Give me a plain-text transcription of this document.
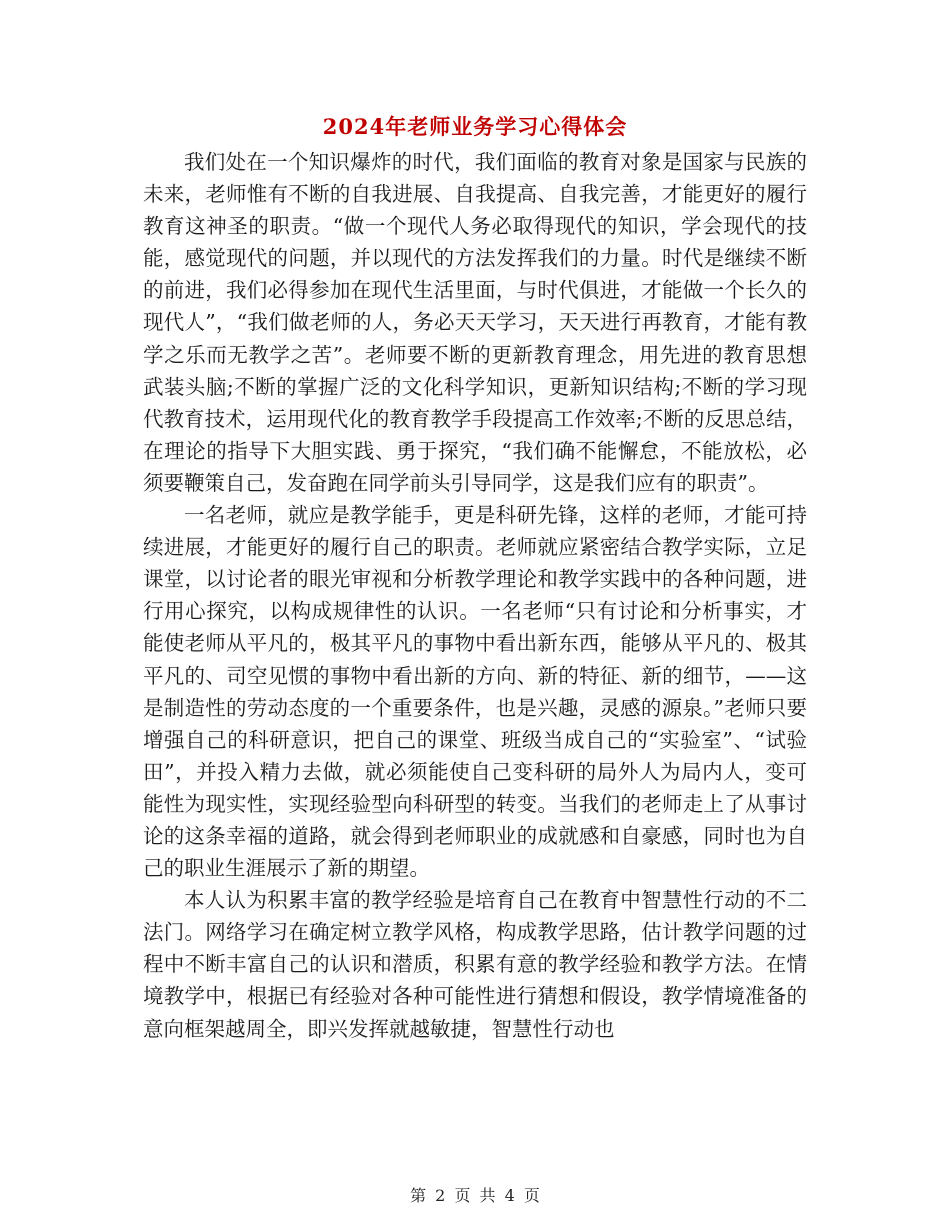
2024年老师业务学习心得体会

我们处在一个知识爆炸的时代，我们面临的教育对象是国家与民族的未来，老师惟有不断的自我进展、自我提高、自我完善，才能更好的履行教育这神圣的职责。“做一个现代人务必取得现代的知识，学会现代的技能，感觉现代的问题，并以现代的方法发挥我们的力量。时代是继续不断的前进，我们必得参加在现代生活里面，与时代俱进，才能做一个长久的现代人”，“我们做老师的人，务必天天学习，天天进行再教育，才能有教学之乐而无教学之苦”。老师要不断的更新教育理念，用先进的教育思想武装头脑;不断的掌握广泛的文化科学知识，更新知识结构;不断的学习现代教育技术，运用现代化的教育教学手段提高工作效率;不断的反思总结，在理论的指导下大胆实践、勇于探究，“我们确不能懈怠，不能放松，必须要鞭策自己，发奋跑在同学前头引导同学，这是我们应有的职责”。

一名老师，就应是教学能手，更是科研先锋，这样的老师，才能可持续进展，才能更好的履行自己的职责。老师就应紧密结合教学实际，立足课堂，以讨论者的眼光审视和分析教学理论和教学实践中的各种问题，进行用心探究，以构成规律性的认识。一名老师“只有讨论和分析事实，才能使老师从平凡的，极其平凡的事物中看出新东西，能够从平凡的、极其平凡的、司空见惯的事物中看出新的方向、新的特征、新的细节，——这是制造性的劳动态度的一个重要条件，也是兴趣，灵感的源泉。”老师只要增强自己的科研意识，把自己的课堂、班级当成自己的“实验室”、“试验田”，并投入精力去做，就必须能使自己变科研的局外人为局内人，变可能性为现实性，实现经验型向科研型的转变。当我们的老师走上了从事讨论的这条幸福的道路，就会得到老师职业的成就感和自豪感，同时也为自己的职业生涯展示了新的期望。

本人认为积累丰富的教学经验是培育自己在教育中智慧性行动的不二法门。网络学习在确定树立教学风格，构成教学思路，估计教学问题的过程中不断丰富自己的认识和潜质，积累有意的教学经验和教学方法。在情境教学中，根据已有经验对各种可能性进行猜想和假设，教学情境准备的意向框架越周全，即兴发挥就越敏捷，智慧性行动也

第 2 页 共 4 页
